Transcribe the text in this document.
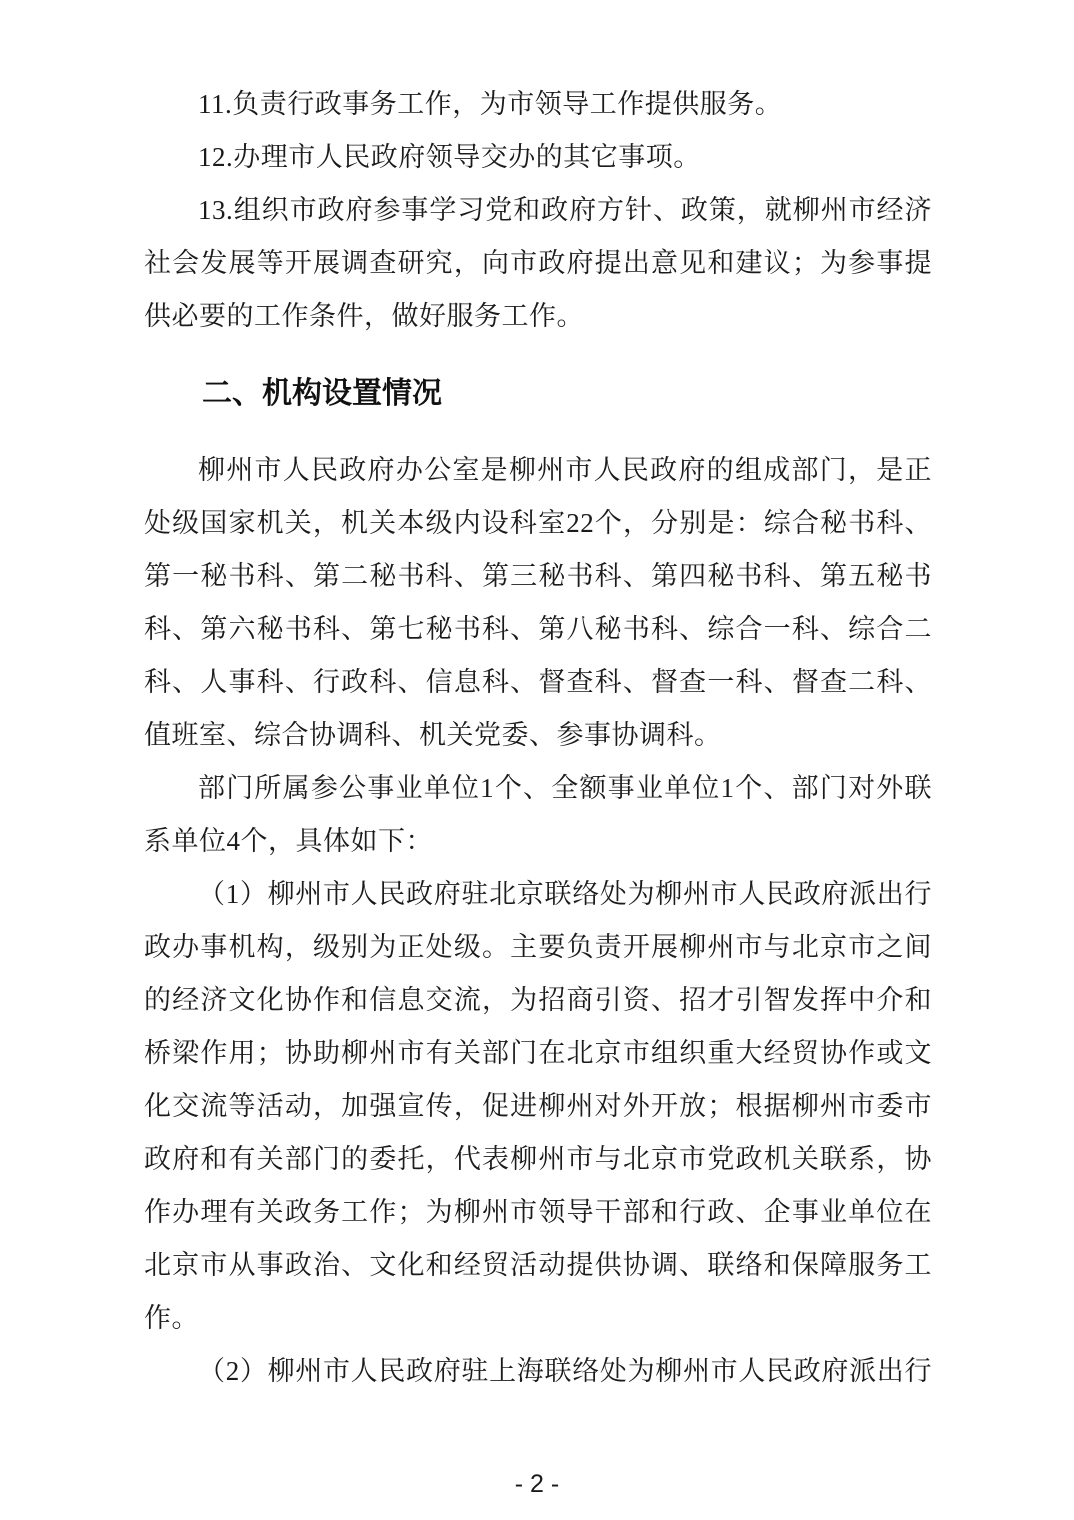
11.负责行政事务工作，为市领导工作提供服务。
12.办理市人民政府领导交办的其它事项。
13.组织市政府参事学习党和政府方针、政策，就柳州市经济
社会发展等开展调查研究，向市政府提出意见和建议；为参事提
供必要的工作条件，做好服务工作。
二、机构设置情况
柳州市人民政府办公室是柳州市人民政府的组成部门，是正
处级国家机关，机关本级内设科室22个，分别是：综合秘书科、
第一秘书科、第二秘书科、第三秘书科、第四秘书科、第五秘书
科、第六秘书科、第七秘书科、第八秘书科、综合一科、综合二
科、人事科、行政科、信息科、督查科、督查一科、督查二科、
值班室、综合协调科、机关党委、参事协调科。
部门所属参公事业单位1个、全额事业单位1个、部门对外联
系单位4个，具体如下：
（1）柳州市人民政府驻北京联络处为柳州市人民政府派出行
政办事机构，级别为正处级。主要负责开展柳州市与北京市之间
的经济文化协作和信息交流，为招商引资、招才引智发挥中介和
桥梁作用；协助柳州市有关部门在北京市组织重大经贸协作或文
化交流等活动，加强宣传，促进柳州对外开放；根据柳州市委市
政府和有关部门的委托，代表柳州市与北京市党政机关联系，协
作办理有关政务工作；为柳州市领导干部和行政、企事业单位在
北京市从事政治、文化和经贸活动提供协调、联络和保障服务工
作。
（2）柳州市人民政府驻上海联络处为柳州市人民政府派出行
- 2 -
